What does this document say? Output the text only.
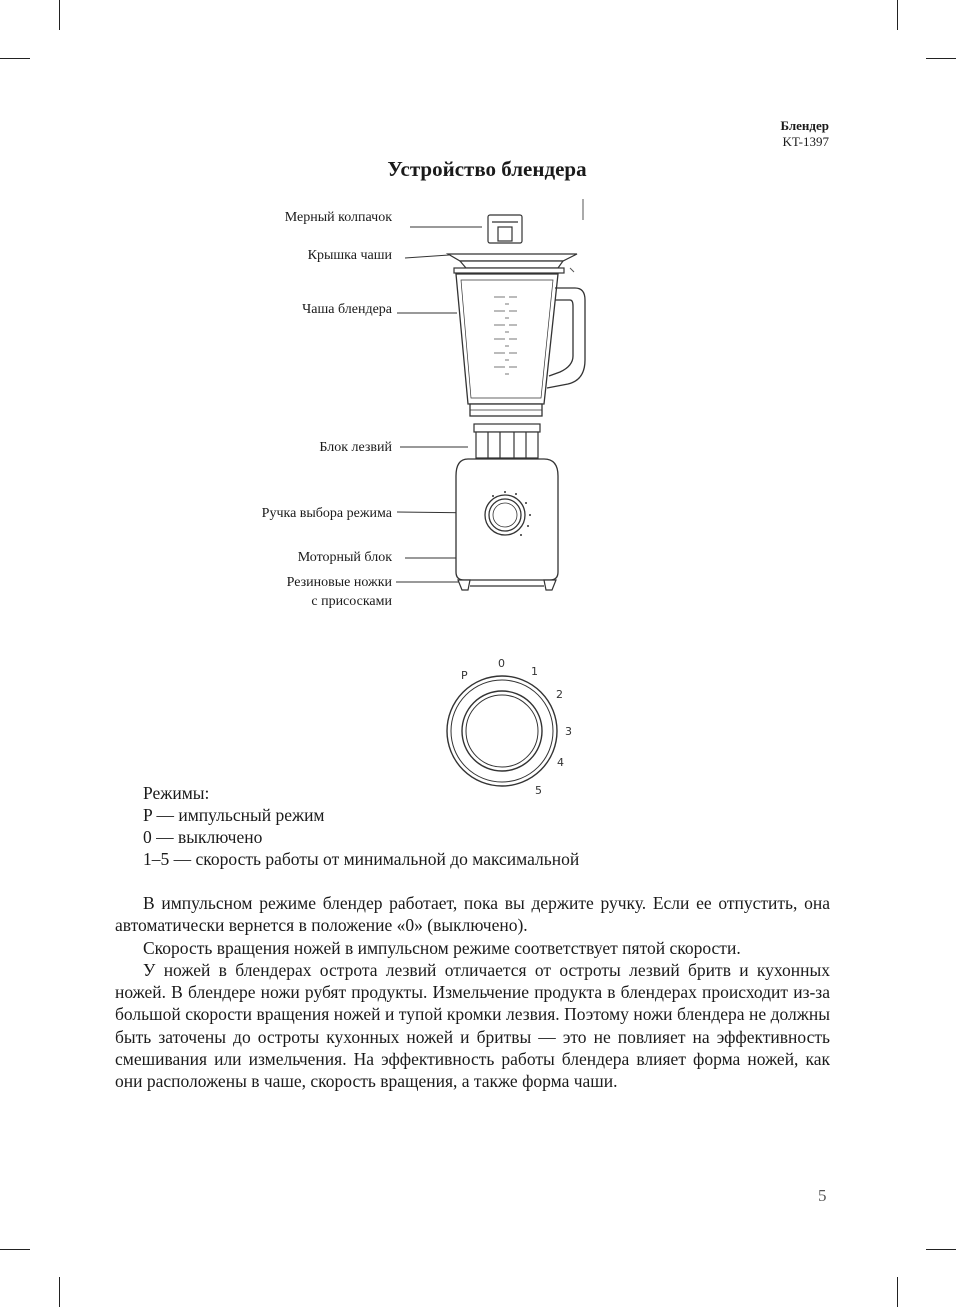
Блендер
KT-1397
Устройство блендера
Мерный колпачок
Крышка чаши
Чаша блендера
Блок лезвий
Ручка выбора режима
Моторный блок
Резиновые ножки
с присосками
P
0
1
2
3
4
5
Режимы:
P — импульсный режим
0 — выключено
1–5 — скорость работы от минимальной до максимальной

В импульсном режиме блендер работает, пока вы держите ручку. Если ее отпустить, она автоматически вернется в положение «0» (выключено).

Скорость вращения ножей в импульсном режиме соответствует пятой скорости.

У ножей в блендерах острота лезвий отличается от остроты лезвий бритв и кухонных ножей. В блендере ножи рубят продукты. Измельчение продукта в блендерах происходит из-за большой скорости вращения ножей и тупой кромки лезвия. Поэтому ножи блендера не должны быть заточены до остроты кухонных ножей и бритвы — это не повлияет на эффективность смешивания или измельчения. На эффективность работы блендера влияет форма ножей, как они расположены в чаше, скорость вращения, а также форма чаши.

5
